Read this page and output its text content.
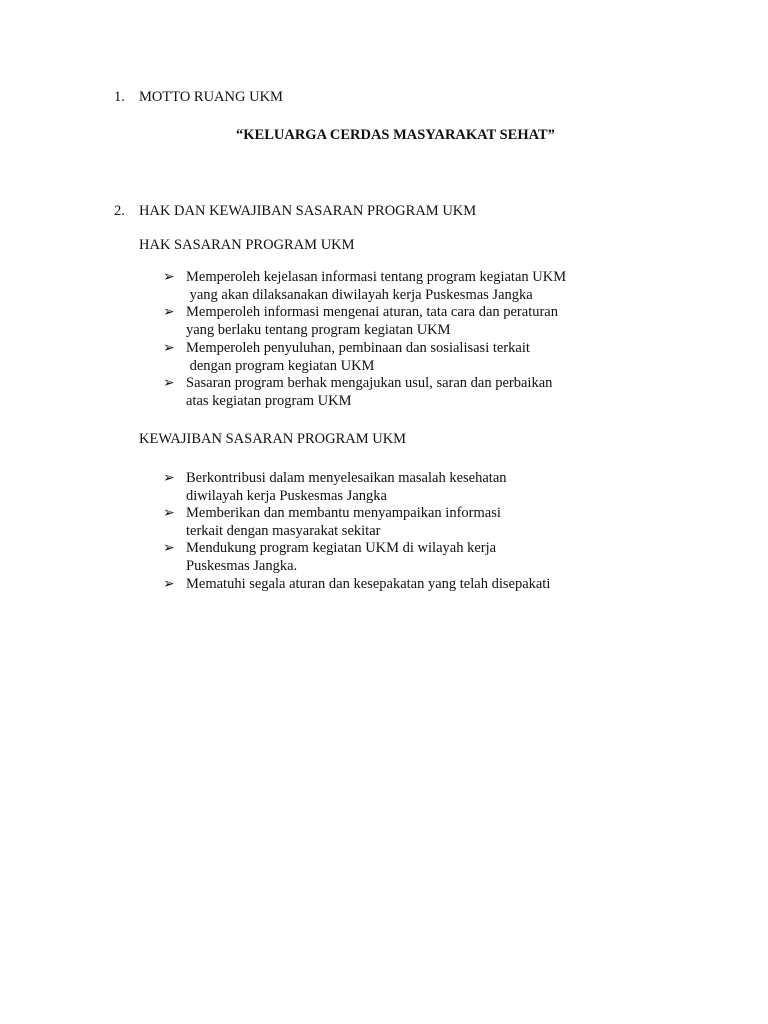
1. MOTTO RUANG UKM
“KELUARGA CERDAS MASYARAKAT SEHAT”
2. HAK DAN KEWAJIBAN SASARAN PROGRAM UKM
HAK SASARAN PROGRAM UKM
➢ Memperoleh kejelasan informasi tentang program kegiatan UKM
yang akan dilaksanakan diwilayah kerja Puskesmas Jangka
➢ Memperoleh informasi mengenai aturan, tata cara dan peraturan
yang berlaku tentang program kegiatan UKM
➢ Memperoleh penyuluhan, pembinaan dan sosialisasi terkait
dengan program kegiatan UKM
➢ Sasaran program berhak mengajukan usul, saran dan perbaikan
atas kegiatan program UKM
KEWAJIBAN SASARAN PROGRAM UKM
➢ Berkontribusi dalam menyelesaikan masalah kesehatan
diwilayah kerja Puskesmas Jangka
➢ Memberikan dan membantu menyampaikan informasi
terkait dengan masyarakat sekitar
➢ Mendukung program kegiatan UKM di wilayah kerja
Puskesmas Jangka.
➢ Mematuhi segala aturan dan kesepakatan yang telah disepakati
